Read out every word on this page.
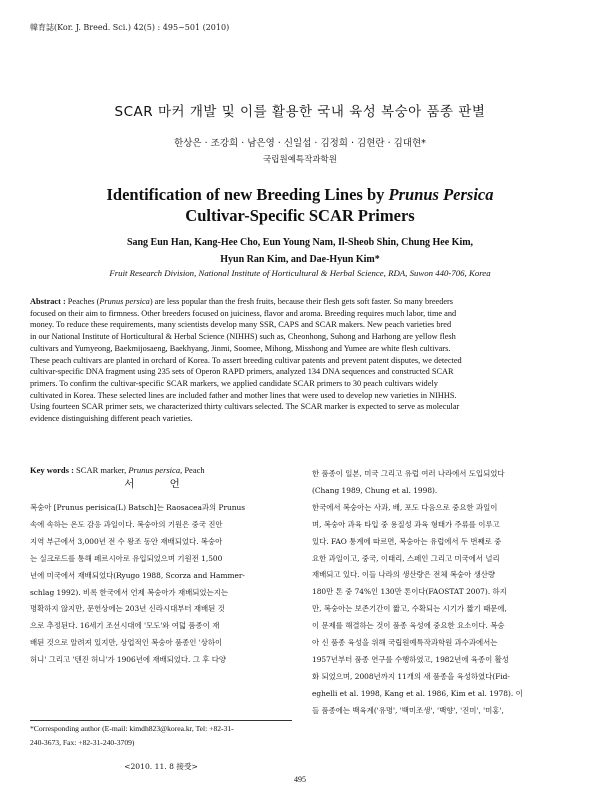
韓育誌(Kor. J. Breed. Sci.) 42(5) : 495~501 (2010)
SCAR 마커 개발 및 이를 활용한 국내 육성 복숭아 품종 판별
한상은 · 조강희 · 남은영 · 신일섭 · 김정희 · 김현란 · 김대현*
국립원예특작과학원
Identification of new Breeding Lines by Prunus Persica
Cultivar-Specific SCAR Primers
Sang Eun Han, Kang-Hee Cho, Eun Young Nam, Il-Sheob Shin, Chung Hee Kim,
Hyun Ran Kim, and Dae-Hyun Kim*
Fruit Research Division, National Institute of Horticultural & Herbal Science, RDA, Suwon 440-706, Korea
Abstract : Peaches (Prunus persica) are less popular than the fresh fruits, because their flesh gets soft faster. So many breeders
focused on their aim to firmness. Other breeders focused on juiciness, flavor and aroma. Breeding requires much labor, time and
money. To reduce these requirements, many scientists develop many SSR, CAPS and SCAR makers. New peach varieties bred
in our National Institute of Horticultural & Herbal Science (NIHHS) such as, Cheonhong, Suhong and Harhong are yellow flesh
cultivars and Yumyeong, Baekmijosaeng, Baekhyang, Jinmi, Soomee, Mihong, Misshong and Yumee are white flesh cultivars.
These peach cultivars are planted in orchard of Korea. To assert breeding cultivar patents and prevent patent disputes, we detected
cultivar-specific DNA fragment using 235 sets of Operon RAPD primers, analyzed 134 DNA sequences and constructed SCAR
primers. To confirm the cultivar-specific SCAR markers, we applied candidate SCAR primers to 30 peach cultivars widely
cultivated in Korea. These selected lines are included father and mother lines that were used to develop new varieties in NIHHS.
Using fourteen SCAR primer sets, we characterized thirty cultivars selected. The SCAR marker is expected to serve as molecular
evidence distinguishing different peach varieties.
Key words : SCAR marker, Prunus persica, Peach
서 언
복숭아 [Prunus perisica(L) Batsch]는 Raosacea과의 Prunus
속에 속하는 온도 감응 과일이다. 복숭아의 기원은 중국 진안
지역 부근에서 3,000년 전 수 왕조 동안 재배되었다. 복숭아
는 실크로드를 통해 페르시아로 유입되었으며 기원전 1,500
년에 미국에서 재배되었다(Ryugo 1988, Scorza and Hammer-
schlag 1992). 비록 한국에서 언제 복숭아가 재배되었는지는
명확하지 않지만, 문헌상에는 203년 신라시대부터 재배된 것
으로 추정된다. 16세기 조선시대에 '모도'와 여덟 품종이 재
배된 것으로 알려져 있지만, 상업적인 복숭아 품종인 '상하이
허니' 그리고 '텐진 허니'가 1906년에 재배되었다. 그 후 다양
한 품종이 일본, 미국 그리고 유럽 여러 나라에서 도입되었다
(Chang 1989, Chung et al. 1998).
한국에서 복숭아는 사과, 배, 포도 다음으로 중요한 과일이
며, 복숭아 과육 타입 중 용질성 과육 형태가 주류를 이루고
있다. FAO 통계에 따르면, 복숭아는 유럽에서 두 번째로 중
요한 과일이고, 중국, 이태리, 스페인 그리고 미국에서 널리
재배되고 있다. 이들 나라의 생산량은 전체 복숭아 생산량
180만 톤 중 74%인 130만 톤이다(FAOSTAT 2007). 하지
만, 복숭아는 보존기간이 짧고, 수확되는 시기가 짧기 때문에,
이 문제를 해결하는 것이 품종 육성에 중요한 요소이다. 복숭
아 신 품종 육성을 위해 국립원예특작과학원 과수과에서는
1957년부터 품종 연구를 수행하였고, 1982년에 육종이 활성
화 되었으며, 2008년까지 11개의 새 품종을 육성하였다(Fid-
eghelli et al. 1998, Kang et al. 1986, Kim et al. 1978). 이
들 품종에는 백육계('유명', '백미조생', '백향', '진미', '미홍',
*Corresponding author (E-mail: kimdh823@korea.kr, Tel: +82-31-
240-3673, Fax: +82-31-240-3709)
<2010. 11. 8 接受>
495
